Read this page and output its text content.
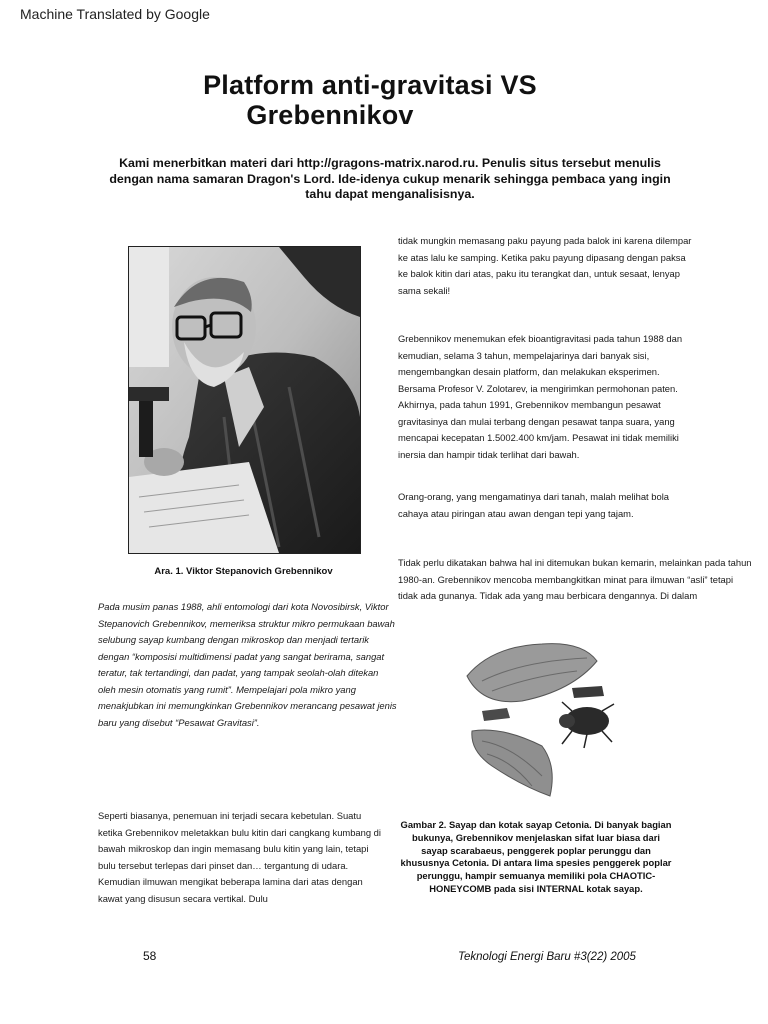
Machine Translated by Google
Platform anti-gravitasi VS
Grebennikov
Kami menerbitkan materi dari http://gragons-matrix.narod.ru. Penulis situs tersebut menulis dengan nama samaran Dragon's Lord. Ide-idenya cukup menarik sehingga pembaca yang ingin tahu dapat menganalisisnya.
Ara. 1. Viktor Stepanovich Grebennikov

tidak mungkin memasang paku payung pada balok ini karena dilempar ke atas lalu ke samping. Ketika paku payung dipasang dengan paksa ke balok kitin dari atas, paku itu terangkat dan, untuk sesaat, lenyap sama sekali!

Grebennikov menemukan efek bioantigravitasi pada tahun 1988 dan kemudian, selama 3 tahun, mempelajarinya dari banyak sisi, mengembangkan desain platform, dan melakukan eksperimen. Bersama Profesor V. Zolotarev, ia mengirimkan permohonan paten. Akhirnya, pada tahun 1991, Grebennikov membangun pesawat gravitasinya dan mulai terbang dengan pesawat tanpa suara, yang mencapai kecepatan 1.5002.400 km/jam. Pesawat ini tidak memiliki inersia dan hampir tidak terlihat dari bawah.

Orang-orang, yang mengamatinya dari tanah, malah melihat bola cahaya atau piringan atau awan dengan tepi yang tajam.

Tidak perlu dikatakan bahwa hal ini ditemukan bukan kemarin, melainkan pada tahun 1980-an. Grebennikov mencoba membangkitkan minat para ilmuwan “asli” tetapi tidak ada gunanya. Tidak ada yang mau berbicara dengannya. Di dalam

Pada musim panas 1988, ahli entomologi dari kota Novosibirsk, Viktor Stepanovich Grebennikov, memeriksa struktur mikro permukaan bawah selubung sayap kumbang dengan mikroskop dan menjadi tertarik dengan “komposisi multidimensi padat yang sangat berirama, sangat teratur, tak tertandingi, dan padat, yang tampak seolah-olah ditekan oleh mesin otomatis yang rumit”. Mempelajari pola mikro yang menakjubkan ini memungkinkan Grebennikov merancang pesawat jenis baru yang disebut “Pesawat Gravitasi”.

Seperti biasanya, penemuan ini terjadi secara kebetulan. Suatu ketika Grebennikov meletakkan bulu kitin dari cangkang kumbang di bawah mikroskop dan ingin memasang bulu kitin yang lain, tetapi bulu tersebut terlepas dari pinset dan… tergantung di udara. Kemudian ilmuwan mengikat beberapa lamina dari atas dengan kawat yang disusun secara vertikal. Dulu

Gambar 2. Sayap dan kotak sayap Cetonia. Di banyak bagian bukunya, Grebennikov menjelaskan sifat luar biasa dari sayap scarabaeus, penggerek poplar perunggu dan khususnya Cetonia. Di antara lima spesies penggerek poplar perunggu, hampir semuanya memiliki pola CHAOTIC-HONEYCOMB pada sisi INTERNAL kotak sayap.
58	Teknologi Energi Baru #3(22) 2005
